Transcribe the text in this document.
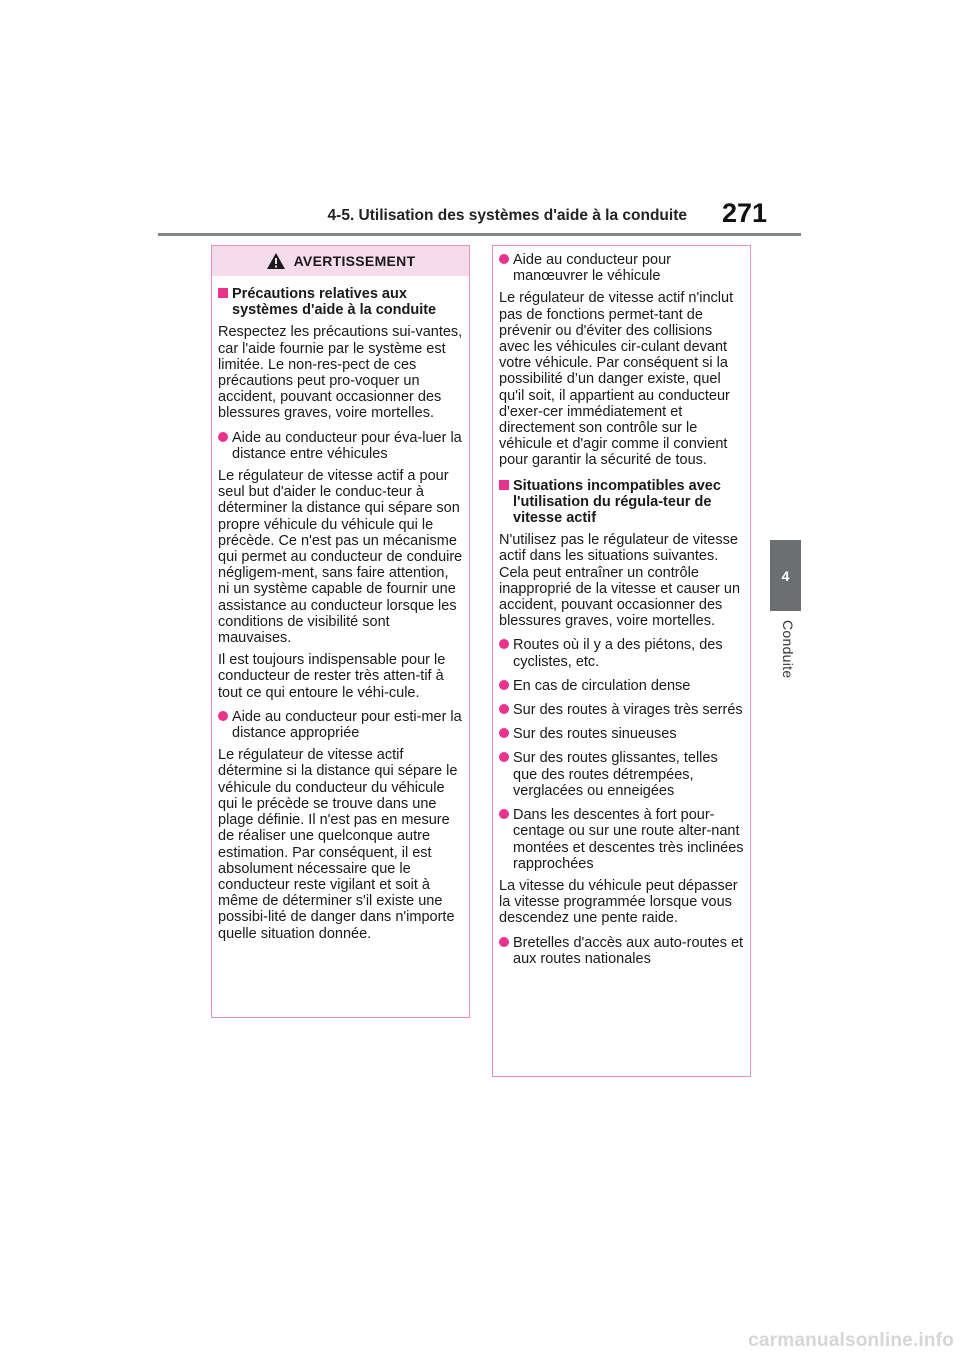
4-5. Utilisation des systèmes d'aide à la conduite	271
4
Conduite
AVERTISSEMENT
Précautions relatives aux systèmes d'aide à la conduite
Respectez les précautions sui-vantes, car l'aide fournie par le système est limitée. Le non-res-pect de ces précautions peut pro-voquer un accident, pouvant occasionner des blessures graves, voire mortelles.
Aide au conducteur pour éva-luer la distance entre véhicules
Le régulateur de vitesse actif a pour seul but d'aider le conduc-teur à déterminer la distance qui sépare son propre véhicule du véhicule qui le précède. Ce n'est pas un mécanisme qui permet au conducteur de conduire négligem-ment, sans faire attention, ni un système capable de fournir une assistance au conducteur lorsque les conditions de visibilité sont mauvaises.
Il est toujours indispensable pour le conducteur de rester très atten-tif à tout ce qui entoure le véhi-cule.
Aide au conducteur pour esti-mer la distance appropriée
Le régulateur de vitesse actif détermine si la distance qui sépare le véhicule du conducteur du véhicule qui le précède se trouve dans une plage définie. Il n'est pas en mesure de réaliser une quelconque autre estimation. Par conséquent, il est absolument nécessaire que le conducteur reste vigilant et soit à même de déterminer s'il existe une possibi-lité de danger dans n'importe quelle situation donnée.
Aide au conducteur pour manœuvrer le véhicule
Le régulateur de vitesse actif n'inclut pas de fonctions permet-tant de prévenir ou d'éviter des collisions avec les véhicules cir-culant devant votre véhicule. Par conséquent si la possibilité d’un danger existe, quel qu'il soit, il appartient au conducteur d'exer-cer immédiatement et directement son contrôle sur le véhicule et d'agir comme il convient pour garantir la sécurité de tous.
Situations incompatibles avec l'utilisation du régula-teur de vitesse actif
N'utilisez pas le régulateur de vitesse actif dans les situations suivantes. Cela peut entraîner un contrôle inapproprié de la vitesse et causer un accident, pouvant occasionner des blessures graves, voire mortelles.
Routes où il y a des piétons, des cyclistes, etc.
En cas de circulation dense
Sur des routes à virages très serrés
Sur des routes sinueuses
Sur des routes glissantes, telles que des routes détrempées, verglacées ou enneigées
Dans les descentes à fort pour-centage ou sur une route alter-nant montées et descentes très inclinées rapprochées
La vitesse du véhicule peut dépasser la vitesse programmée lorsque vous descendez une pente raide.
Bretelles d'accès aux auto-routes et aux routes nationales
carmanualsonline.info
